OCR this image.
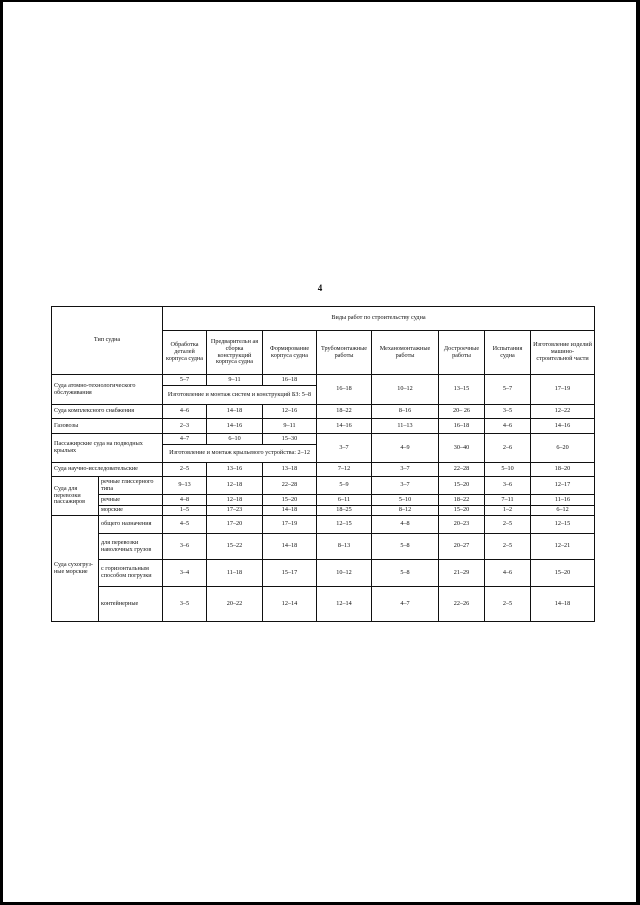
4
Тип судна		Виды работ по строительству судна							
		Обработка деталей корпуса судна	Предварительн ая сборка конструкций корпуса судна	Формирование корпуса судна	Трубомонтажные работы	Механомонтажные работы	Достроечные работы	Испытания судна	Изготовление изделий машино-строительной части
Суда атомно-технологического обслуживания		5–7	9–11	16–18	16–18	10–12	13–15	5–7	17–19
		Изготовление и монтаж систем и конструкций БЗ: 5–8							
Суда комплексного снабжения		4–6	14–18	12–16	18–22	8–16	20– 26	3–5	12–22
Газовозы		2–3	14–16	9–11	14–16	11–13	16–18	4–6	14–16
Пассажирские суда на подводных крыльях		4–7	6–10	15–30	3–7	4–9	30–40	2–6	6–20
		Изготовление и монтаж крыльевого устройства: 2–12							
Суда научно-исследовательские		2–5	13–16	13–18	7–12	3–7	22–28	5–10	18–20
Суда для перевозки пассажиров	речные глиссерного типа	9–13	12–18	22–28	5–9	3–7	15–20	3–6	12–17
	речные	4–8	12–18	15–20	6–11	5–10	18–22	7–11	11–16
	морские	1–5	17–23	14–18	18–25	8–12	15–20	1–2	6–12
Суда сухогруз-ные морские	общего назначения	4–5	17–20	17–19	12–15	4–8	20–23	2–5	12–15
	для перевозки наволочных грузов	3–6	15–22	14–18	8–13	5–8	20–27	2–5	12–21
	с горизонтальным способом погрузки	3–4	11–18	15–17	10–12	5–8	21–29	4–6	15–20
	контейнерные	3–5	20–22	12–14	12–14	4–7	22–26	2–5	14–18
